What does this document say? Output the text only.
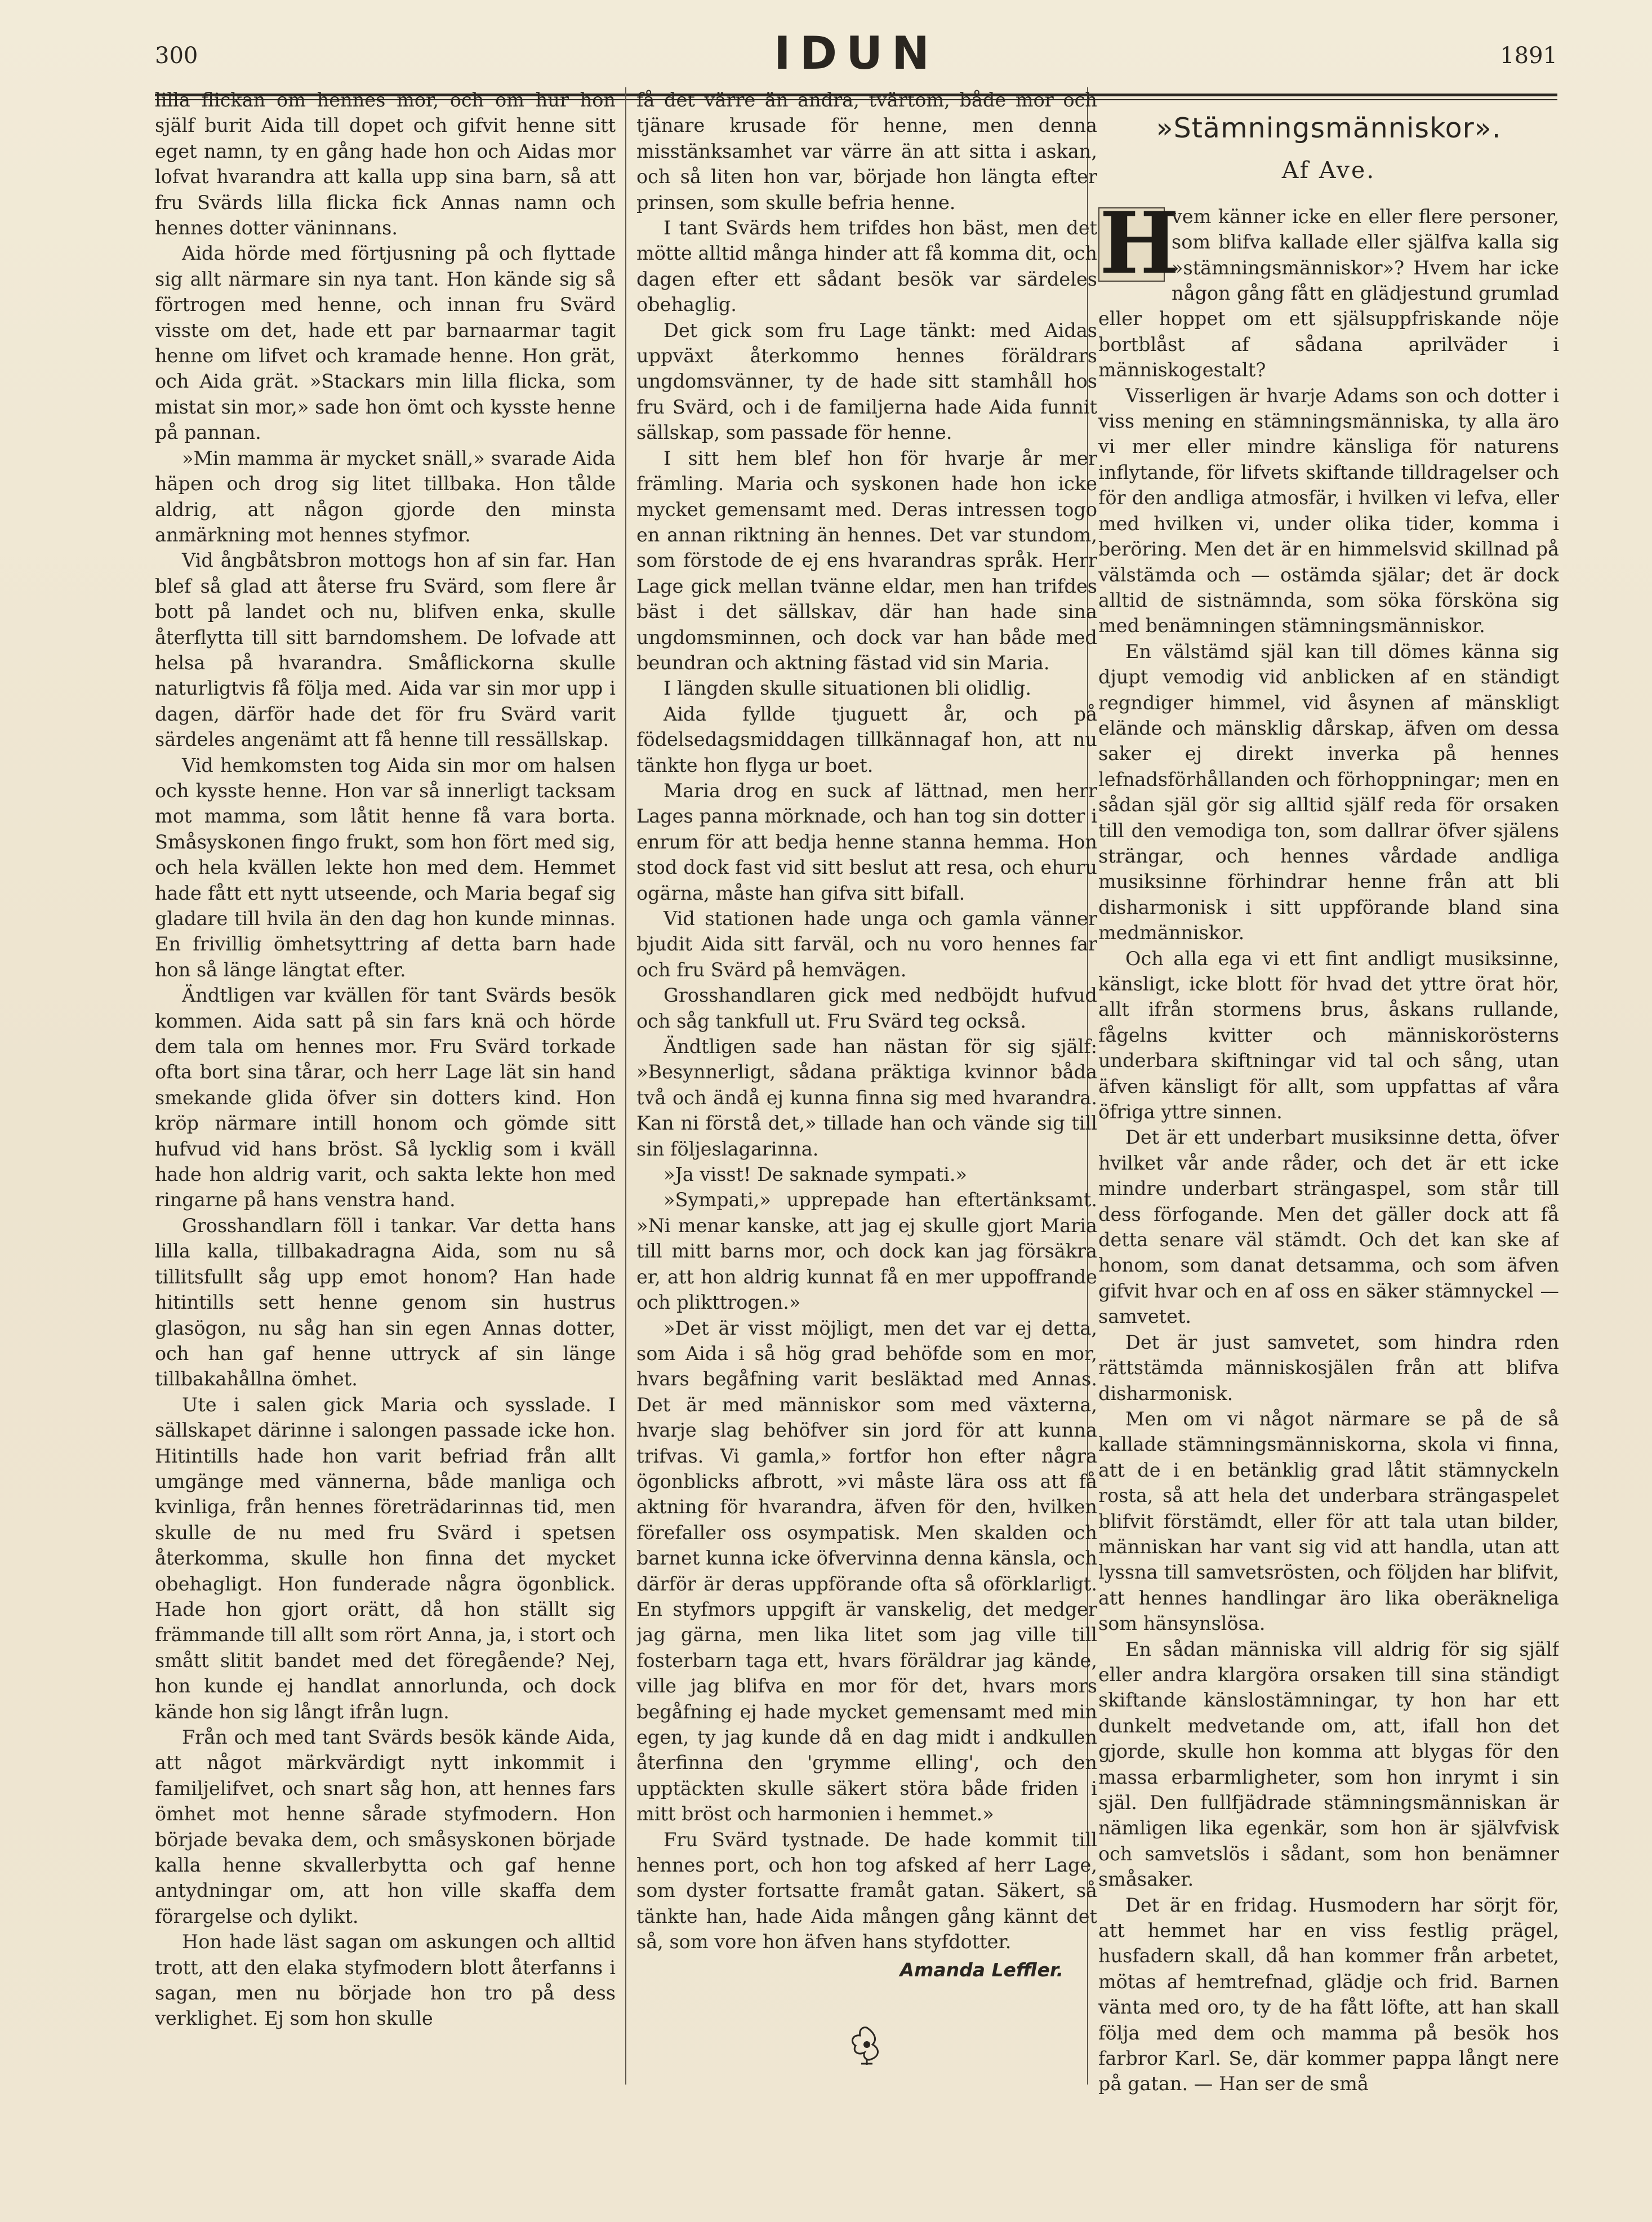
300	IDUN	1891

lilla flickan om hennes mor, och om hur hon själf burit Aida till dopet och gifvit henne sitt eget namn, ty en gång hade hon och Aidas mor lofvat hvarandra att kalla upp sina barn, så att fru Svärds lilla flicka fick Annas namn och hennes dotter väninnans.

Aida hörde med förtjusning på och flyttade sig allt närmare sin nya tant. Hon kände sig så förtrogen med henne, och innan fru Svärd visste om det, hade ett par barnaarmar tagit henne om lifvet och kramade henne. Hon grät, och Aida grät. »Stackars min lilla flicka, som mistat sin mor,» sade hon ömt och kysste henne på pannan.

»Min mamma är mycket snäll,» svarade Aida häpen och drog sig litet tillbaka. Hon tålde aldrig, att någon gjorde den minsta anmärkning mot hennes styfmor.

Vid ångbåtsbron mottogs hon af sin far. Han blef så glad att återse fru Svärd, som flere år bott på landet och nu, blifven enka, skulle återflytta till sitt barndomshem. De lofvade att helsa på hvarandra. Småflickorna skulle naturligtvis få följa med. Aida var sin mor upp i dagen, därför hade det för fru Svärd varit särdeles angenämt att få henne till ressällskap.

Vid hemkomsten tog Aida sin mor om halsen och kysste henne. Hon var så innerligt tacksam mot mamma, som låtit henne få vara borta. Småsyskonen fingo frukt, som hon fört med sig, och hela kvällen lekte hon med dem. Hemmet hade fått ett nytt utseende, och Maria begaf sig gladare till hvila än den dag hon kunde minnas. En frivillig ömhetsyttring af detta barn hade hon så länge längtat efter.

Ändtligen var kvällen för tant Svärds besök kommen. Aida satt på sin fars knä och hörde dem tala om hennes mor. Fru Svärd torkade ofta bort sina tårar, och herr Lage lät sin hand smekande glida öfver sin dotters kind. Hon kröp närmare intill honom och gömde sitt hufvud vid hans bröst. Så lycklig som i kväll hade hon aldrig varit, och sakta lekte hon med ringarne på hans venstra hand.

Grosshandlarn föll i tankar. Var detta hans lilla kalla, tillbakadragna Aida, som nu så tillitsfullt såg upp emot honom? Han hade hitintills sett henne genom sin hustrus glasögon, nu såg han sin egen Annas dotter, och han gaf henne uttryck af sin länge tillbakahållna ömhet.

Ute i salen gick Maria och sysslade. I sällskapet därinne i salongen passade icke hon. Hitintills hade hon varit befriad från allt umgänge med vännerna, både manliga och kvinliga, från hennes företrädarinnas tid, men skulle de nu med fru Svärd i spetsen återkomma, skulle hon finna det mycket obehagligt. Hon funderade några ögonblick. Hade hon gjort orätt, då hon ställt sig främmande till allt som rört Anna, ja, i stort och smått slitit bandet med det föregående? Nej, hon kunde ej handlat annorlunda, och dock kände hon sig långt ifrån lugn.

Från och med tant Svärds besök kände Aida, att något märkvärdigt nytt inkommit i familjelifvet, och snart såg hon, att hennes fars ömhet mot henne sårade styfmodern. Hon började bevaka dem, och småsyskonen började kalla henne skvallerbytta och gaf henne antydningar om, att hon ville skaffa dem förargelse och dylikt.

Hon hade läst sagan om askungen och alltid trott, att den elaka styfmodern blott återfanns i sagan, men nu började hon tro på dess verklighet. Ej som hon skulle

få det värre än andra, tvärtom, både mor och tjänare krusade för henne, men denna misstänksamhet var värre än att sitta i askan, och så liten hon var, började hon längta efter prinsen, som skulle befria henne.

I tant Svärds hem trifdes hon bäst, men det mötte alltid många hinder att få komma dit, och dagen efter ett sådant besök var särdeles obehaglig.

Det gick som fru Lage tänkt: med Aidas uppväxt återkommo hennes föräldrars ungdomsvänner, ty de hade sitt stamhåll hos fru Svärd, och i de familjerna hade Aida funnit sällskap, som passade för henne.

I sitt hem blef hon för hvarje år mer främling. Maria och syskonen hade hon icke mycket gemensamt med. Deras intressen togo en annan riktning än hennes. Det var stundom, som förstode de ej ens hvarandras språk. Herr Lage gick mellan tvänne eldar, men han trifdes bäst i det sällskav, där han hade sina ungdomsminnen, och dock var han både med beundran och aktning fästad vid sin Maria.

I längden skulle situationen bli olidlig.

Aida fyllde tjuguett år, och på födelsedagsmiddagen tillkännagaf hon, att nu tänkte hon flyga ur boet.

Maria drog en suck af lättnad, men herr Lages panna mörknade, och han tog sin dotter i enrum för att bedja henne stanna hemma. Hon stod dock fast vid sitt beslut att resa, och ehuru ogärna, måste han gifva sitt bifall.

Vid stationen hade unga och gamla vänner bjudit Aida sitt farväl, och nu voro hennes far och fru Svärd på hemvägen.

Grosshandlaren gick med nedböjdt hufvud och såg tankfull ut. Fru Svärd teg också.

Ändtligen sade han nästan för sig själf: »Besynnerligt, sådana präktiga kvinnor båda två och ändå ej kunna finna sig med hvarandra. Kan ni förstå det,» tillade han och vände sig till sin följeslagarinna.

»Ja visst! De saknade sympati.»

»Sympati,» upprepade han eftertänksamt. »Ni menar kanske, att jag ej skulle gjort Maria till mitt barns mor, och dock kan jag försäkra er, att hon aldrig kunnat få en mer uppoffrande och plikttrogen.»

»Det är visst möjligt, men det var ej detta, som Aida i så hög grad behöfde som en mor, hvars begåfning varit besläktad med Annas. Det är med människor som med växterna, hvarje slag behöfver sin jord för att kunna trifvas. Vi gamla,» fortfor hon efter några ögonblicks afbrott, »vi måste lära oss att få aktning för hvarandra, äfven för den, hvilken förefaller oss osympatisk. Men skalden och barnet kunna icke öfvervinna denna känsla, och därför är deras uppförande ofta så oförklarligt. En styfmors uppgift är vanskelig, det medger jag gärna, men lika litet som jag ville till fosterbarn taga ett, hvars föräldrar jag kände, ville jag blifva en mor för det, hvars mors begåfning ej hade mycket gemensamt med min egen, ty jag kunde då en dag midt i andkullen återfinna den 'grymme elling', och den upptäckten skulle säkert störa både friden i mitt bröst och harmonien i hemmet.»

Fru Svärd tystnade. De hade kommit till hennes port, och hon tog afsked af herr Lage, som dyster fortsatte framåt gatan. Säkert, så tänkte han, hade Aida mången gång kännt det så, som vore hon äfven hans styfdotter.

Amanda Leffler.
»Stämningsmänniskor».
Af Ave.

H
vem känner icke en eller flere personer, som blifva kallade eller själfva kalla sig »stämningsmänniskor»? Hvem har icke någon gång fått en glädjestund grumlad eller hoppet om ett själsuppfriskande nöje bortblåst af sådana aprilväder i människogestalt?

Visserligen är hvarje Adams son och dotter i viss mening en stämningsmänniska, ty alla äro vi mer eller mindre känsliga för naturens inflytande, för lifvets skiftande tilldragelser och för den andliga atmosfär, i hvilken vi lefva, eller med hvilken vi, under olika tider, komma i beröring. Men det är en himmelsvid skillnad på välstämda och — ostämda själar; det är dock alltid de sistnämnda, som söka försköna sig med benämningen stämningsmänniskor.

En välstämd själ kan till dömes känna sig djupt vemodig vid anblicken af en ständigt regndiger himmel, vid åsynen af mänskligt elände och mänsklig dårskap, äfven om dessa saker ej direkt inverka på hennes lefnadsförhållanden och förhoppningar; men en sådan själ gör sig alltid själf reda för orsaken till den vemodiga ton, som dallrar öfver själens strängar, och hennes vårdade andliga musiksinne förhindrar henne från att bli disharmonisk i sitt uppförande bland sina medmänniskor.

Och alla ega vi ett fint andligt musiksinne, känsligt, icke blott för hvad det yttre örat hör, allt ifrån stormens brus, åskans rullande, fågelns kvitter och människorösterns underbara skiftningar vid tal och sång, utan äfven känsligt för allt, som uppfattas af våra öfriga yttre sinnen.

Det är ett underbart musiksinne detta, öfver hvilket vår ande råder, och det är ett icke mindre underbart strängaspel, som står till dess förfogande. Men det gäller dock att få detta senare väl stämdt. Och det kan ske af honom, som danat detsamma, och som äfven gifvit hvar och en af oss en säker stämnyckel — samvetet.

Det är just samvetet, som hindra rden rättstämda människosjälen från att blifva disharmonisk.

Men om vi något närmare se på de så kallade stämningsmänniskorna, skola vi finna, att de i en betänklig grad låtit stämnyckeln rosta, så att hela det underbara strängaspelet blifvit förstämdt, eller för att tala utan bilder, människan har vant sig vid att handla, utan att lyssna till samvetsrösten, och följden har blifvit, att hennes handlingar äro lika oberäkneliga som hänsynslösa.

En sådan människa vill aldrig för sig själf eller andra klargöra orsaken till sina ständigt skiftande känslostämningar, ty hon har ett dunkelt medvetande om, att, ifall hon det gjorde, skulle hon komma att blygas för den massa erbarmligheter, som hon inrymt i sin själ. Den fullfjädrade stämningsmänniskan är nämligen lika egenkär, som hon är självfvisk och samvetslös i sådant, som hon benämner småsaker.

Det är en fridag. Husmodern har sörjt för, att hemmet har en viss festlig prägel, husfadern skall, då han kommer från arbetet, mötas af hemtrefnad, glädje och frid. Barnen vänta med oro, ty de ha fått löfte, att han skall följa med dem och mamma på besök hos farbror Karl. Se, där kommer pappa långt nere på gatan. — Han ser de små
